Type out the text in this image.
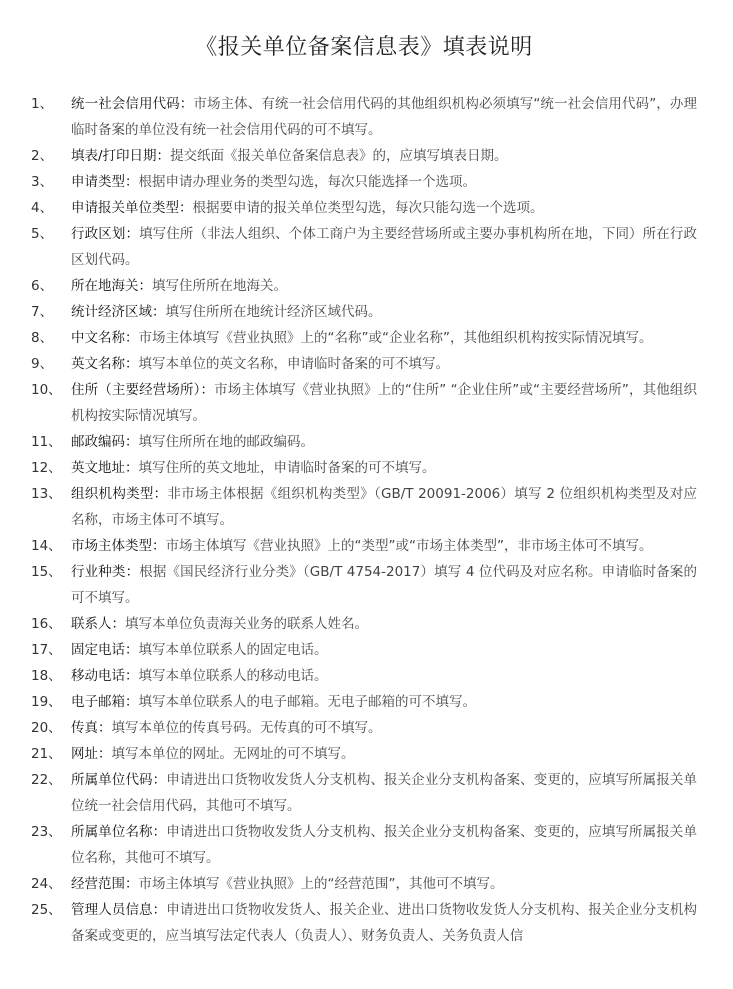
《报关单位备案信息表》填表说明
1、	统一社会信用代码：市场主体、有统一社会信用代码的其他组织机构必须填写“统一社会信用代码”，办理临时备案的单位没有统一社会信用代码的可不填写。
2、	填表/打印日期：提交纸面《报关单位备案信息表》的，应填写填表日期。
3、	申请类型：根据申请办理业务的类型勾选，每次只能选择一个选项。
4、	申请报关单位类型：根据要申请的报关单位类型勾选，每次只能勾选一个选项。
5、	行政区划：填写住所（非法人组织、个体工商户为主要经营场所或主要办事机构所在地，下同）所在行政区划代码。
6、	所在地海关：填写住所所在地海关。
7、	统计经济区域：填写住所所在地统计经济区域代码。
8、	中文名称：市场主体填写《营业执照》上的“名称”或“企业名称”，其他组织机构按实际情况填写。
9、	英文名称：填写本单位的英文名称，申请临时备案的可不填写。
10、 住所（主要经营场所）：市场主体填写《营业执照》上的“住所” “企业住所”或“主要经营场所”，其他组织机构按实际情况填写。
11、 邮政编码：填写住所所在地的邮政编码。
12、 英文地址：填写住所的英文地址，申请临时备案的可不填写。
13、 组织机构类型：非市场主体根据《组织机构类型》（GB/T 20091-2006）填写 2 位组织机构类型及对应名称，市场主体可不填写。
14、 市场主体类型：市场主体填写《营业执照》上的“类型”或“市场主体类型”，非市场主体可不填写。
15、 行业种类：根据《国民经济行业分类》（GB/T 4754-2017）填写 4 位代码及对应名称。申请临时备案的可不填写。
16、 联系人：填写本单位负责海关业务的联系人姓名。
17、 固定电话：填写本单位联系人的固定电话。
18、 移动电话：填写本单位联系人的移动电话。
19、 电子邮箱：填写本单位联系人的电子邮箱。无电子邮箱的可不填写。
20、 传真：填写本单位的传真号码。无传真的可不填写。
21、 网址：填写本单位的网址。无网址的可不填写。
22、 所属单位代码：申请进出口货物收发货人分支机构、报关企业分支机构备案、变更的，应填写所属报关单位统一社会信用代码，其他可不填写。
23、 所属单位名称：申请进出口货物收发货人分支机构、报关企业分支机构备案、变更的，应填写所属报关单位名称，其他可不填写。
24、 经营范围：市场主体填写《营业执照》上的“经营范围”，其他可不填写。
25、 管理人员信息：申请进出口货物收发货人、报关企业、进出口货物收发货人分支机构、报关企业分支机构备案或变更的，应当填写法定代表人（负责人）、财务负责人、关务负责人信
